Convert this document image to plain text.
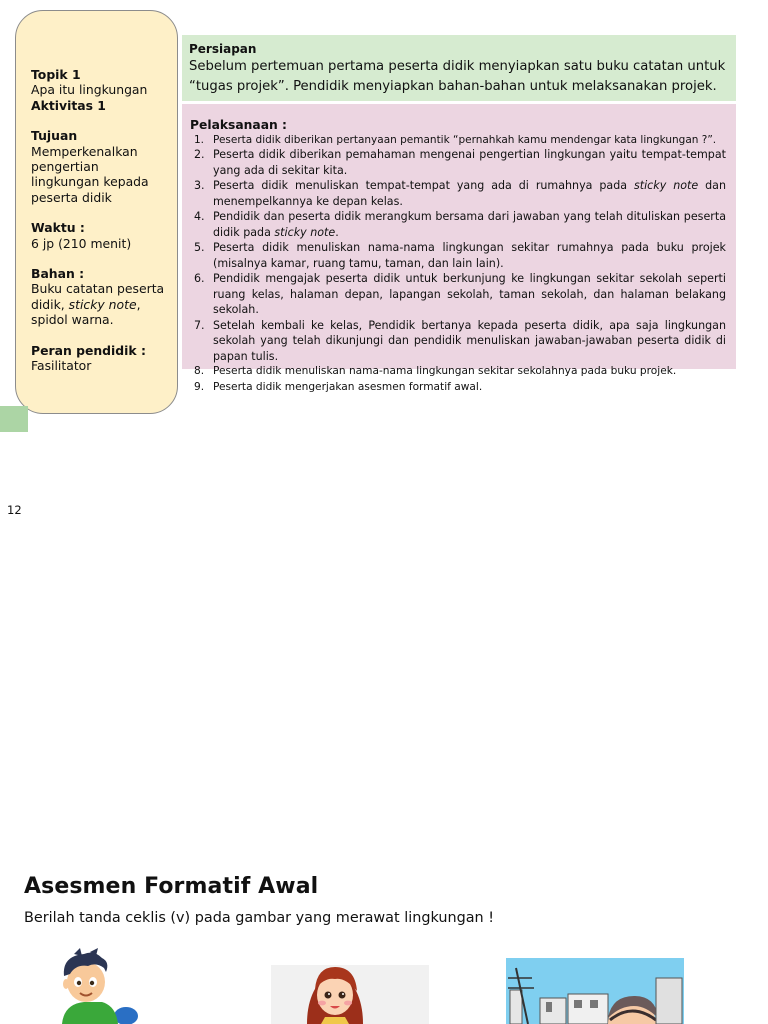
Topik 1
Apa itu lingkungan
Aktivitas 1
Tujuan
Memperkenalkan pengertian lingkungan kepada peserta didik
Waktu :
6 jp (210 menit)
Bahan :
Buku catatan peserta didik, sticky note, spidol warna.
Peran pendidik :
Fasilitator
Persiapan
Sebelum pertemuan pertama peserta didik menyiapkan satu buku catatan untuk “tugas projek”. Pendidik menyiapkan bahan-bahan untuk melaksanakan projek.
Pelaksanaan :
1. Peserta didik diberikan pertanyaan pemantik “pernahkah kamu mendengar kata lingkungan ?”.
2. Peserta didik diberikan pemahaman mengenai pengertian lingkungan yaitu tempat-tempat yang ada di sekitar kita.
3. Peserta didik menuliskan tempat-tempat yang ada di rumahnya pada sticky note dan menempelkannya ke depan kelas.
4. Pendidik dan peserta didik merangkum bersama dari jawaban yang telah dituliskan peserta didik pada sticky note.
5. Peserta didik menuliskan nama-nama lingkungan sekitar rumahnya pada buku projek (misalnya kamar, ruang tamu, taman, dan lain lain).
6. Pendidik mengajak peserta didik untuk berkunjung ke lingkungan sekitar sekolah seperti ruang kelas, halaman depan, lapangan sekolah, taman sekolah, dan halaman belakang sekolah.
7. Setelah kembali ke kelas, Pendidik bertanya kepada peserta didik, apa saja lingkungan sekolah yang telah dikunjungi dan pendidik menuliskan jawaban-jawaban peserta didik di papan tulis.
8. Peserta didik menuliskan nama-nama lingkungan sekitar sekolahnya pada buku projek.
9. Peserta didik mengerjakan asesmen formatif awal.
12
Asesmen Formatif Awal
Berilah tanda ceklis (v) pada gambar yang merawat lingkungan !
